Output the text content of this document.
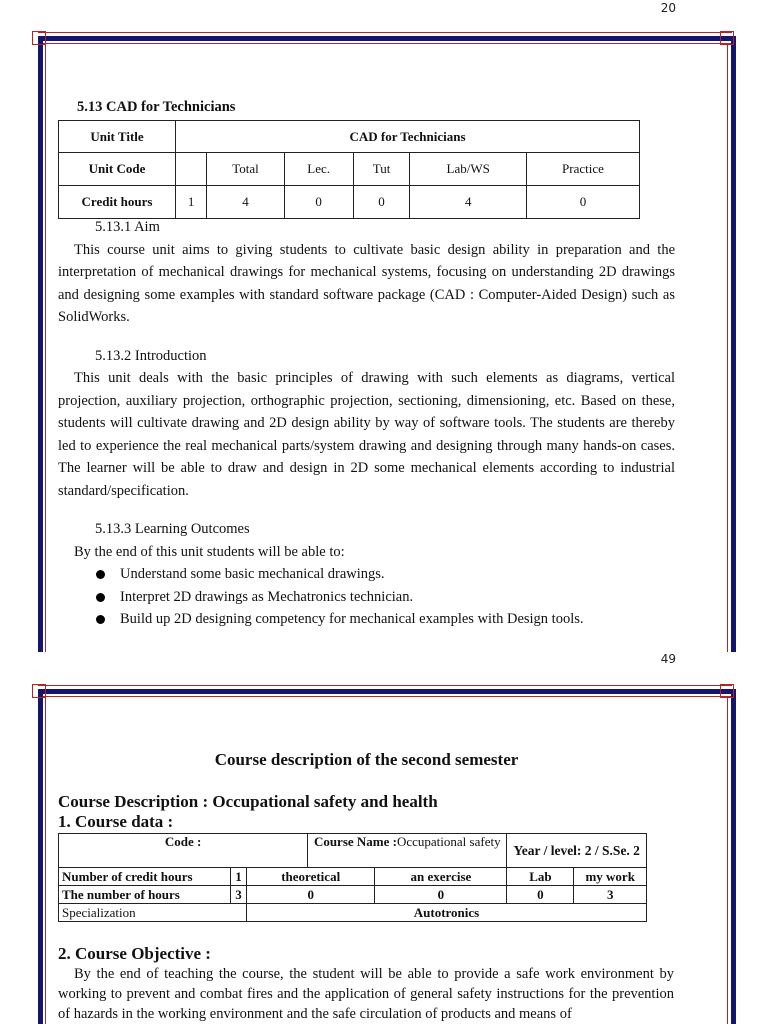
20
5.13 CAD for Technicians
Unit Title	CAD for Technicians					
Unit Code		Total	Lec.	Tut	Lab/WS	Practice
Credit hours	1	4	0	0	4	0

5.13.1 Aim

This course unit aims to giving students to cultivate basic design ability in preparation and the interpretation of mechanical drawings for mechanical systems, focusing on understanding 2D drawings and designing some examples with standard software package (CAD : Computer-Aided Design) such as SolidWorks.

5.13.2 Introduction

This unit deals with the basic principles of drawing with such elements as diagrams, vertical projection, auxiliary projection, orthographic projection, sectioning, dimensioning, etc. Based on these, students will cultivate drawing and 2D design ability by way of software tools. The students are thereby led to experience the real mechanical parts/system drawing and designing through many hands-on cases. The learner will be able to draw and design in 2D some mechanical elements according to industrial standard/specification.

5.13.3 Learning Outcomes

By the end of this unit students will be able to:

Understand some basic mechanical drawings.
Interpret 2D drawings as Mechatronics technician.
Build up 2D designing competency for mechanical examples with Design tools.
49
Course description of the second semester
Course Description : Occupational safety and health
1. Course data :
Code :			Course Name :Occupational safety		Year / level: 2 / S.Se. 2	
Number of credit hours	1	theoretical		an exercise	Lab	my work
The number of hours	3	0		0	0	3
Specialization		Autotronics				
2. Course Objective :

By the end of teaching the course, the student will be able to provide a safe work environment by working to prevent and combat fires and the application of general safety instructions for the prevention of hazards in the working environment and the safe circulation of products and means of
